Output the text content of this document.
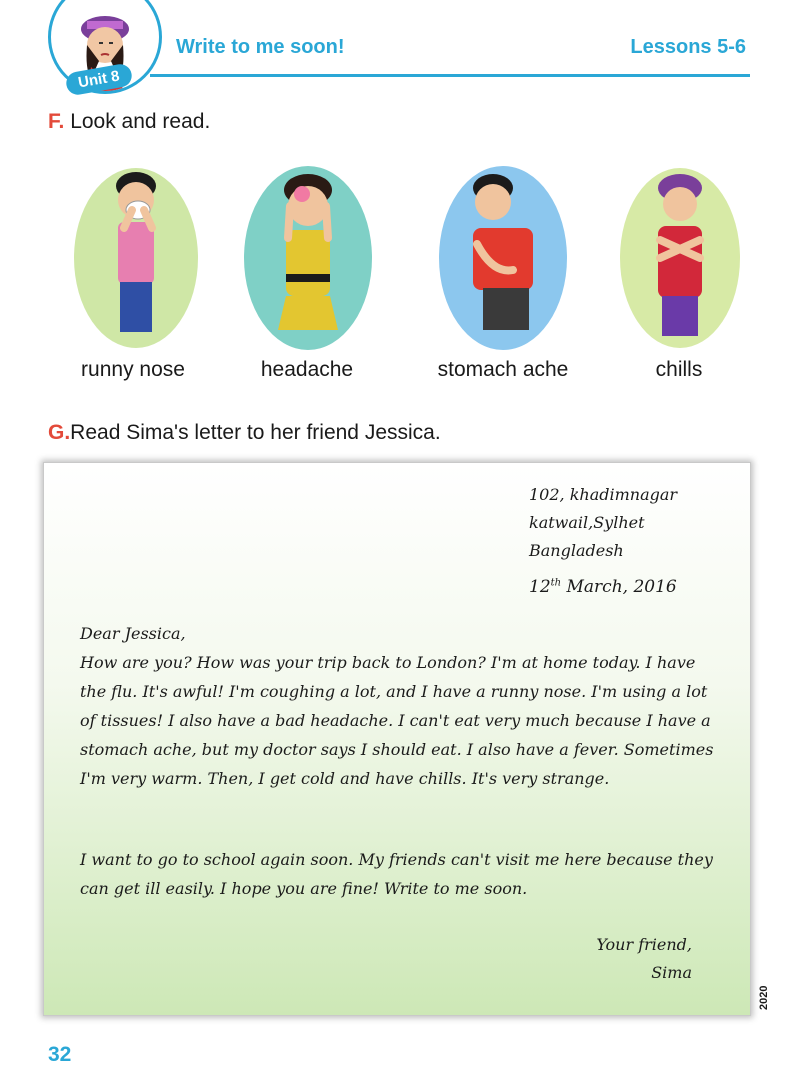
Unit 8
Write to me soon!	Lessons 5-6
F. Look and read.
runny nose	headache	stomach ache	chills
G.Read Sima's letter to her friend Jessica.
102, khadimnagar
katwail,Sylhet
Bangladesh
12th March, 2016
Dear Jessica,
How are you? How was your trip back to London? I'm at home today. I have the flu. It's awful! I'm coughing a lot, and I have a runny nose. I'm using a lot of tissues! I also have a bad headache. I can't eat very much because I have a stomach ache, but my doctor says I should eat. I also have a fever. Sometimes I'm very warm. Then, I get cold and have chills. It's very strange.
I want to go to school again soon. My friends can't visit me here because they can get ill easily. I hope you are fine! Write to me soon.
Your friend,
Sima
32
2020
